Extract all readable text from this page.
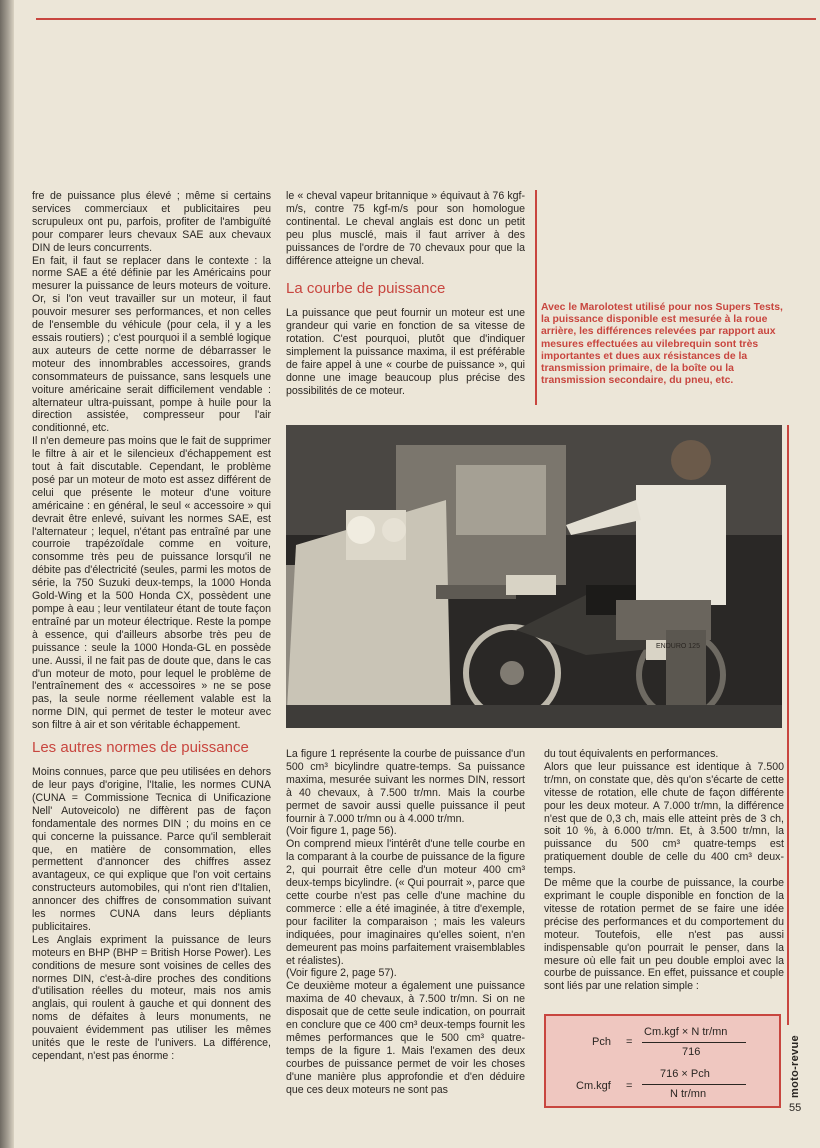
fre de puissance plus élevé ; même si certains services commerciaux et publicitaires peu scrupuleux ont pu, parfois, profiter de l'ambiguïté pour comparer leurs chevaux SAE aux chevaux DIN de leurs concurrents.

En fait, il faut se replacer dans le contexte : la norme SAE a été définie par les Américains pour mesurer la puissance de leurs moteurs de voiture. Or, si l'on veut travailler sur un moteur, il faut pouvoir mesurer ses performances, et non celles de l'ensemble du véhicule (pour cela, il y a les essais routiers) ; c'est pourquoi il a semblé logique aux auteurs de cette norme de débarrasser le moteur des innombrables accessoires, grands consommateurs de puissance, sans lesquels une voiture américaine serait difficilement vendable : alternateur ultra-puissant, pompe à huile pour la direction assistée, compresseur pour l'air conditionné, etc.

Il n'en demeure pas moins que le fait de supprimer le filtre à air et le silencieux d'échappement est tout à fait discutable. Cependant, le problème posé par un moteur de moto est assez différent de celui que présente le moteur d'une voiture américaine : en général, le seul « accessoire » qui devrait être enlevé, suivant les normes SAE, est l'alternateur ; lequel, n'étant pas entraîné par une courroie trapézoïdale comme en voiture, consomme très peu de puissance lorsqu'il ne débite pas d'électricité (seules, parmi les motos de série, la 750 Suzuki deux-temps, la 1000 Honda Gold-Wing et la 500 Honda CX, possèdent une pompe à eau ; leur ventilateur étant de toute façon entraîné par un moteur électrique. Reste la pompe à essence, qui d'ailleurs absorbe très peu de puissance : seule la 1000 Honda-GL en possède une. Aussi, il ne fait pas de doute que, dans le cas d'un moteur de moto, pour lequel le problème de l'entraînement des « accessoires » ne se pose pas, la seule norme réellement valable est la norme DIN, qui permet de tester le moteur avec son filtre à air et son véritable échappement.

Les autres normes de puissance

Moins connues, parce que peu utilisées en dehors de leur pays d'origine, l'Italie, les normes CUNA (CUNA = Commissione Tecnica di Unificazione Nell' Autoveicolo) ne diffèrent pas de façon fondamentale des normes DIN ; du moins en ce qui concerne la puissance. Parce qu'il semblerait que, en matière de consommation, elles permettent d'annoncer des chiffres assez avantageux, ce qui explique que l'on voit certains constructeurs automobiles, qui n'ont rien d'Italien, annoncer des chiffres de consommation suivant les normes CUNA dans leurs dépliants publicitaires.

Les Anglais expriment la puissance de leurs moteurs en BHP (BHP = British Horse Power). Les conditions de mesure sont voisines de celles des normes DIN, c'est-à-dire proches des conditions d'utilisation réelles du moteur, mais nos amis anglais, qui roulent à gauche et qui donnent des noms de défaites à leurs monuments, ne pouvaient évidemment pas utiliser les mêmes unités que le reste de l'univers. La différence, cependant, n'est pas énorme :

le « cheval vapeur britannique » équivaut à 76 kgf-m/s, contre 75 kgf-m/s pour son homologue continental. Le cheval anglais est donc un petit peu plus musclé, mais il faut arriver à des puissances de l'ordre de 70 chevaux pour que la différence atteigne un cheval.

La courbe de puissance

La puissance que peut fournir un moteur est une grandeur qui varie en fonction de sa vitesse de rotation. C'est pourquoi, plutôt que d'indiquer simplement la puissance maxima, il est préférable de faire appel à une « courbe de puissance », qui donne une image beaucoup plus précise des possibilités de ce moteur.

Avec le Marolotest utilisé pour nos Supers Tests, la puissance disponible est mesurée à la roue arrière, les différences relevées par rapport aux mesures effectuées au vilebrequin sont très importantes et dues aux résistances de la transmission primaire, de la boîte ou la transmission secondaire, du pneu, etc.
ENDURO 125

La figure 1 représente la courbe de puissance d'un 500 cm³ bicylindre quatre-temps. Sa puissance maxima, mesurée suivant les normes DIN, ressort à 40 chevaux, à 7.500 tr/mn. Mais la courbe permet de savoir aussi quelle puissance il peut fournir à 7.000 tr/mn ou à 4.000 tr/mn.

(Voir figure 1, page 56).

On comprend mieux l'intérêt d'une telle courbe en la comparant à la courbe de puissance de la figure 2, qui pourrait être celle d'un moteur 400 cm³ deux-temps bicylindre. (« Qui pourrait », parce que cette courbe n'est pas celle d'une machine du commerce : elle a été imaginée, à titre d'exemple, pour faciliter la comparaison ; mais les valeurs indiquées, pour imaginaires qu'elles soient, n'en demeurent pas moins parfaitement vraisemblables et réalistes).

(Voir figure 2, page 57).

Ce deuxième moteur a également une puissance maxima de 40 chevaux, à 7.500 tr/mn. Si on ne disposait que de cette seule indication, on pourrait en conclure que ce 400 cm³ deux-temps fournit les mêmes performances que le 500 cm³ quatre-temps de la figure 1. Mais l'examen des deux courbes de puissance permet de voir les choses d'une manière plus approfondie et d'en déduire que ces deux moteurs ne sont pas

du tout équivalents en performances.

Alors que leur puissance est identique à 7.500 tr/mn, on constate que, dès qu'on s'écarte de cette vitesse de rotation, elle chute de façon différente pour les deux moteur. A 7.000 tr/mn, la différence n'est que de 0,3 ch, mais elle atteint près de 3 ch, soit 10 %, à 6.000 tr/mn. Et, à 3.500 tr/mn, la puissance du 500 cm³ quatre-temps est pratiquement double de celle du 400 cm³ deux-temps.

De même que la courbe de puissance, la courbe exprimant le couple disponible en fonction de la vitesse de rotation permet de se faire une idée précise des performances et du comportement du moteur. Toutefois, elle n'est pas aussi indispensable qu'on pourrait le penser, dans la mesure où elle fait un peu double emploi avec la courbe de puissance. En effet, puissance et couple sont liés par une relation simple :

Pch =
Cm.kgf × N tr/mn
716
Cm.kgf =
716 × Pch
N tr/mn	moto-revue
55
